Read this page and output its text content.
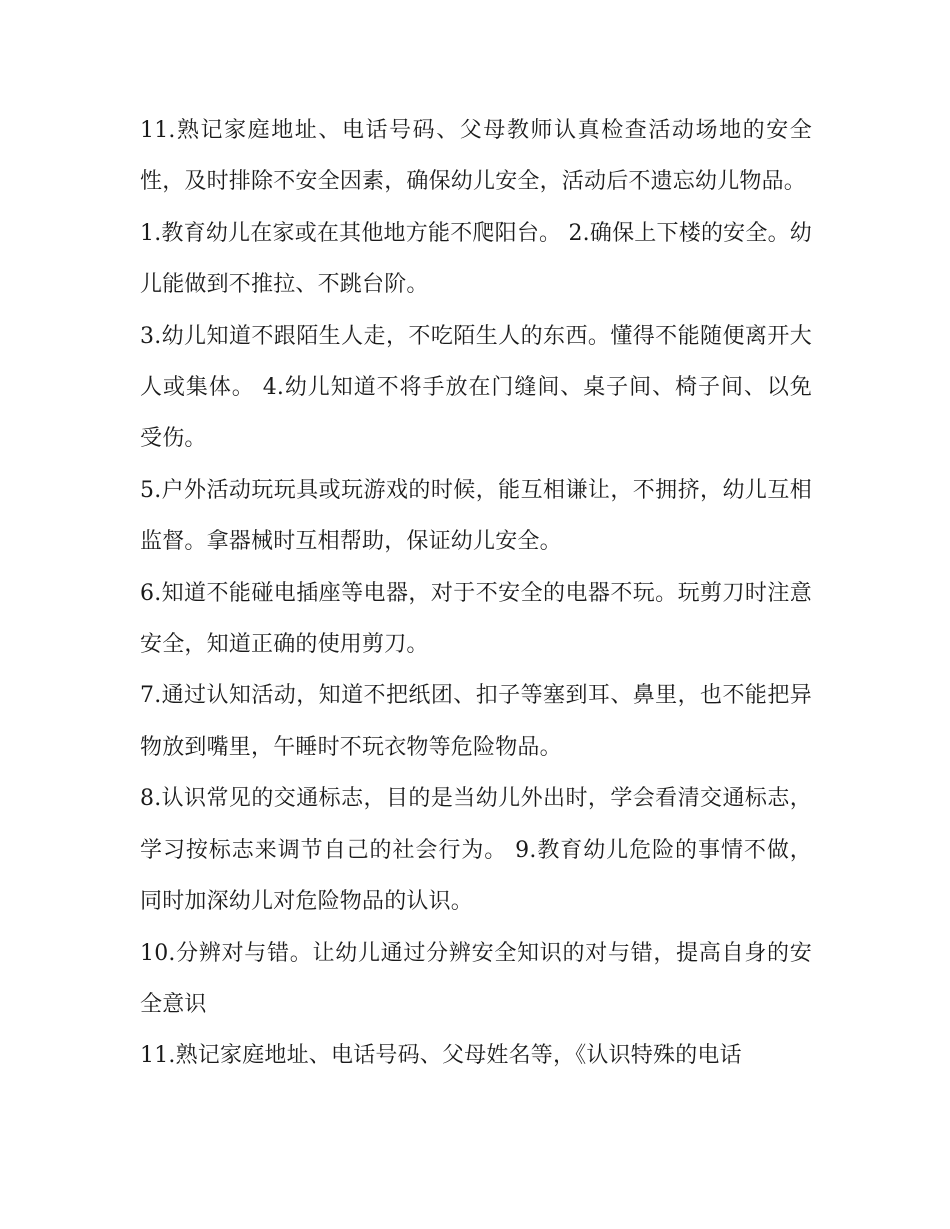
11.熟记家庭地址、电话号码、父母教师认真检查活动场地的安全性，及时排除不安全因素，确保幼儿安全，活动后不遗忘幼儿物品。

1.教育幼儿在家或在其他地方能不爬阳台。 2.确保上下楼的安全。幼儿能做到不推拉、不跳台阶。

3.幼儿知道不跟陌生人走，不吃陌生人的东西。懂得不能随便离开大人或集体。 4.幼儿知道不将手放在门缝间、桌子间、椅子间、以免受伤。

5.户外活动玩玩具或玩游戏的时候，能互相谦让，不拥挤，幼儿互相监督。拿器械时互相帮助，保证幼儿安全。

6.知道不能碰电插座等电器，对于不安全的电器不玩。玩剪刀时注意安全，知道正确的使用剪刀。

7.通过认知活动，知道不把纸团、扣子等塞到耳、鼻里，也不能把异物放到嘴里，午睡时不玩衣物等危险物品。

8.认识常见的交通标志，目的是当幼儿外出时，学会看清交通标志，学习按标志来调节自己的社会行为。 9.教育幼儿危险的事情不做，同时加深幼儿对危险物品的认识。

10.分辨对与错。让幼儿通过分辨安全知识的对与错，提高自身的安全意识

11.熟记家庭地址、电话号码、父母姓名等，《认识特殊的电话
